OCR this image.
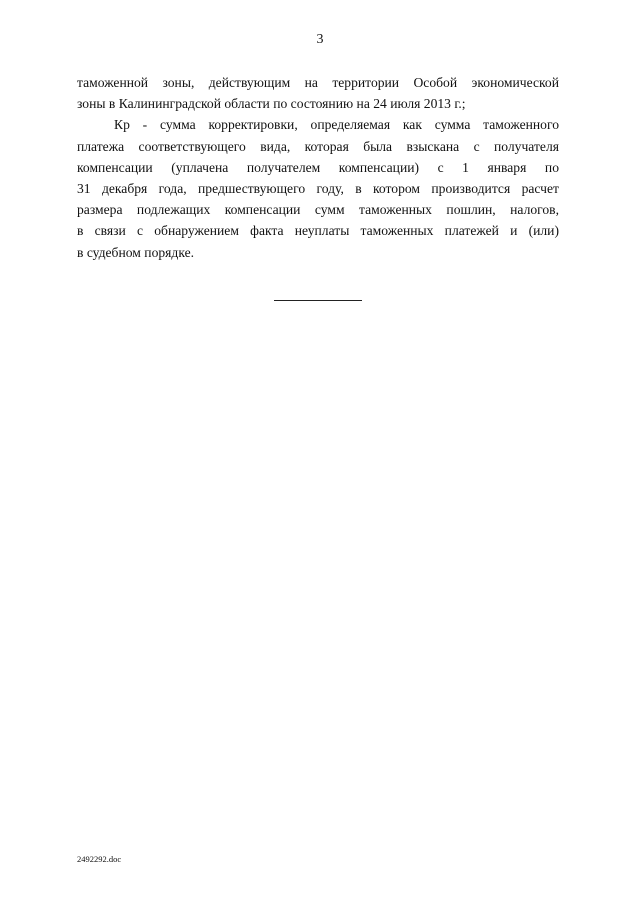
3
таможенной зоны, действующим на территории Особой экономической
зоны в Калининградской области по состоянию на 24 июля 2013 г.;
Кр - сумма корректировки, определяемая как сумма таможенного
платежа соответствующего вида, которая была взыскана с получателя
компенсации (уплачена получателем компенсации) с 1 января по
31 декабря года, предшествующего году, в котором производится расчет
размера подлежащих компенсации сумм таможенных пошлин, налогов,
в связи с обнаружением факта неуплаты таможенных платежей и (или)
в судебном порядке.
2492292.doc
